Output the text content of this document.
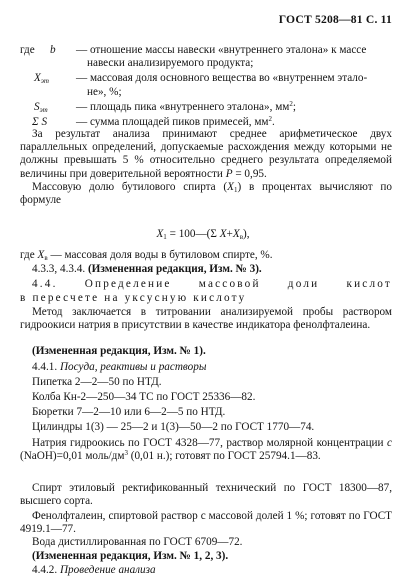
ГОСТ 5208—81 С. 11
где	b — отношение массы навески «внутреннего эталона» к массе
навески анализируемого продукта;
$X_{эт}$ — массовая доля основного вещества во «внутреннем этало-
не», %;
$S_{эт}$	— площадь пика «внутреннего эталона», $мм^2$;
Σ S	— сумма площадей пиков примесей, $мм^2$.
За результат анализа принимают среднее арифметическое двух параллельных определений, допускаемые расхождения между которыми не должны превышать 5 % относительно среднего результата определяемой величины при доверительной вероятности P = 0,95.
Массовую долю бутилового спирта $(X_1)$ в процентах вычисляют по формуле
$X_1$ = 100—(Σ $X+X_в$),
где $X_в$ — массовая доля воды в бутиловом спирте, %.
4.3.3, 4.3.4. (Измененная редакция, Изм. № 3).
4.4. Определение массовой доли кислот
в пересчете на уксусную кислоту
Метод заключается в титровании анализируемой пробы раствором гидроокиси натрия в присутствии в качестве индикатора фенолфталеина.
(Измененная редакция, Изм. № 1).
4.4.1. Посуда, реактивы и растворы
Пипетка 2—2—50 по НТД.
Колба Кн-2—250—34 ТС по ГОСТ 25336—82.
Бюретки 7—2—10 или 6—2—5 по НТД.
Цилиндры 1(3) — 25—2 и 1(3)—50—2 по ГОСТ 1770—74.
Натрия гидроокись по ГОСТ 4328—77, раствор молярной концентрации c (NaOH)=0,01 моль/$дм^3$ (0,01 н.); готовят по ГОСТ 25794.1—83.
Спирт этиловый ректификованный технический по ГОСТ 18300—87, высшего сорта.
Фенолфталеин, спиртовой раствор с массовой долей 1 %; готовят по ГОСТ 4919.1—77.
Вода дистиллированная по ГОСТ 6709—72.
(Измененная редакция, Изм. № 1, 2, 3).
4.4.2. Проведение анализа
